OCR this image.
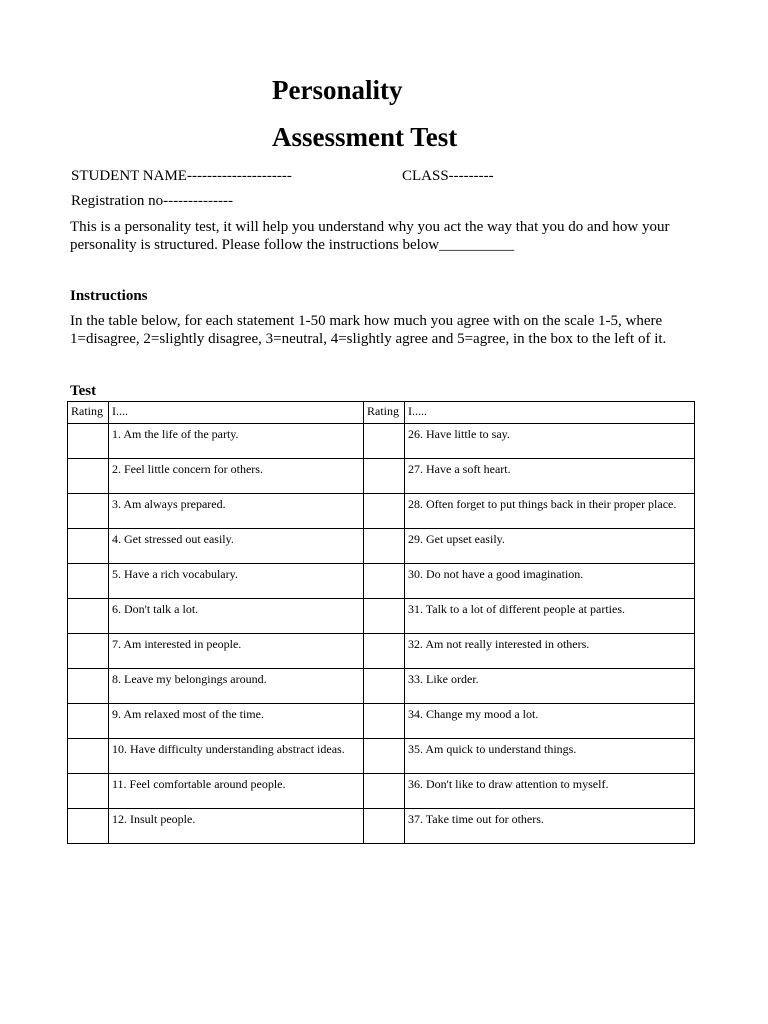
Personality
Assessment Test
STUDENT NAME---------------------	CLASS---------
Registration no--------------
This is a personality test, it will help you understand why you act the way that you do and how your personality is structured. Please follow the instructions below__________
Instructions
In the table below, for each statement 1-50 mark how much you agree with on the scale 1-5, where 1=disagree, 2=slightly disagree, 3=neutral, 4=slightly agree and 5=agree, in the box to the left of it.
Test
Rating	I....	Rating	I.....
	1. Am the life of the party.		26. Have little to say.
	2. Feel little concern for others.		27. Have a soft heart.
	3. Am always prepared.		28. Often forget to put things back in their proper place.
	4. Get stressed out easily.		29. Get upset easily.
	5. Have a rich vocabulary.		30. Do not have a good imagination.
	6. Don't talk a lot.		31. Talk to a lot of different people at parties.
	7. Am interested in people.		32. Am not really interested in others.
	8. Leave my belongings around.		33. Like order.
	9. Am relaxed most of the time.		34. Change my mood a lot.
	10. Have difficulty understanding abstract ideas.		35. Am quick to understand things.
	11. Feel comfortable around people.		36. Don't like to draw attention to myself.
	12. Insult people.		37. Take time out for others.
